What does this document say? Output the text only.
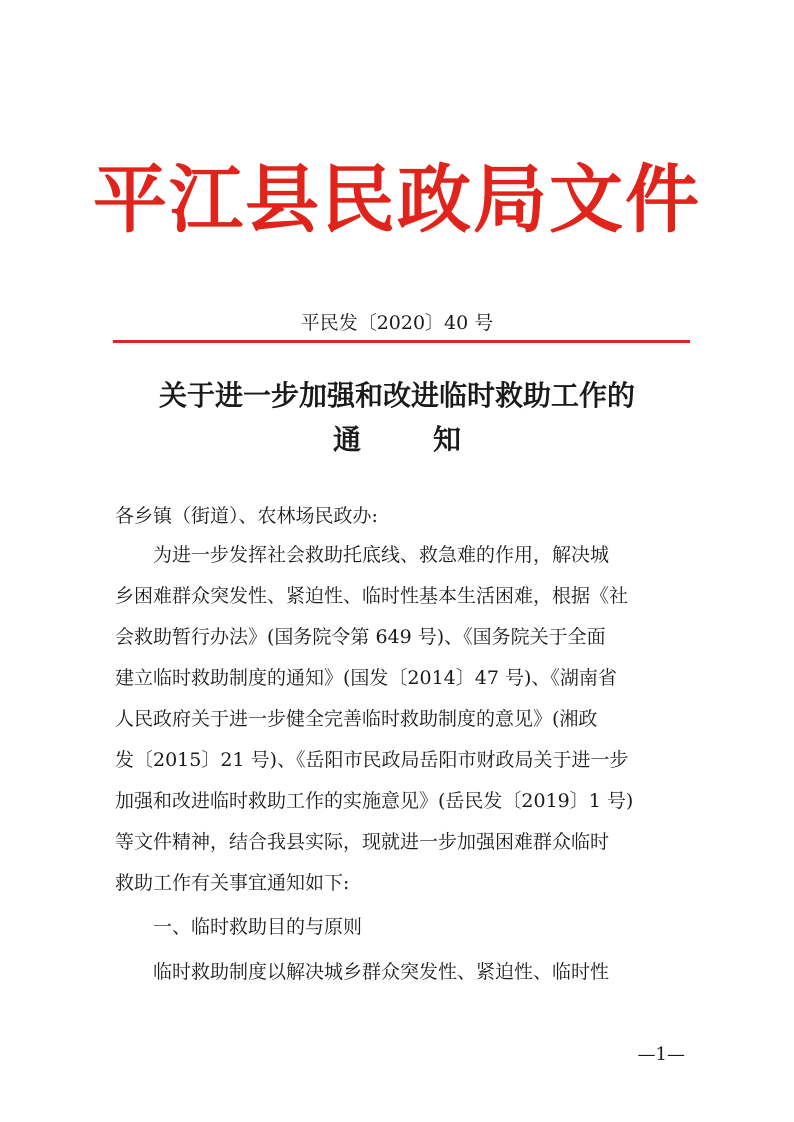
平江县民政局文件
平民发〔2020〕40 号
关于进一步加强和改进临时救助工作的
通知
各乡镇（街道）、农林场民政办:
为进一步发挥社会救助托底线、救急难的作用，解决城
乡困难群众突发性、紧迫性、临时性基本生活困难，根据《社
会救助暂行办法》(国务院令第 649 号)、《国务院关于全面
建立临时救助制度的通知》(国发〔2014〕47 号)、《湖南省
人民政府关于进一步健全完善临时救助制度的意见》(湘政
发〔2015〕21 号)、《岳阳市民政局岳阳市财政局关于进一步
加强和改进临时救助工作的实施意见》(岳民发〔2019〕1 号)
等文件精神，结合我县实际，现就进一步加强困难群众临时
救助工作有关事宜通知如下:
一、临时救助目的与原则
临时救助制度以解决城乡群众突发性、紧迫性、临时性
—1—
